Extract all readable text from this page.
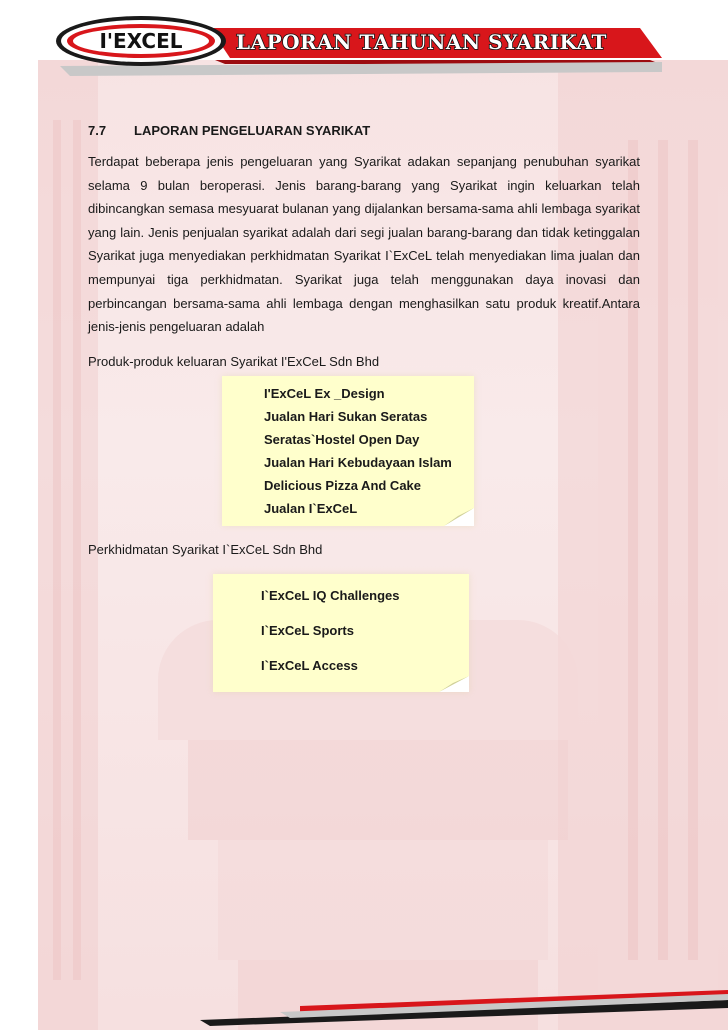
I'EXCEL	LAPORAN TAHUNAN SYARIKAT
7.7 LAPORAN PENGELUARAN SYARIKAT
Terdapat beberapa jenis pengeluaran yang Syarikat adakan sepanjang penubuhan syarikat selama 9 bulan beroperasi. Jenis barang-barang yang Syarikat ingin keluarkan telah dibincangkan semasa mesyuarat bulanan yang dijalankan bersama-sama ahli lembaga syarikat yang lain. Jenis penjualan syarikat adalah dari segi jualan barang-barang dan tidak ketinggalan Syarikat juga menyediakan perkhidmatan Syarikat I`ExCeL telah menyediakan lima jualan dan mempunyai tiga perkhidmatan. Syarikat juga telah menggunakan daya inovasi dan perbincangan bersama-sama ahli lembaga dengan menghasilkan satu produk kreatif.Antara jenis-jenis pengeluaran adalah
Produk-produk keluaran Syarikat I'ExCeL Sdn Bhd
I'ExCeL Ex _Design
Jualan Hari Sukan Seratas
Seratas`Hostel Open Day
Jualan Hari Kebudayaan Islam
Delicious Pizza And Cake
Jualan I`ExCeL
Perkhidmatan Syarikat I`ExCeL Sdn Bhd
I`ExCeL IQ Challenges
I`ExCeL Sports
I`ExCeL Access
